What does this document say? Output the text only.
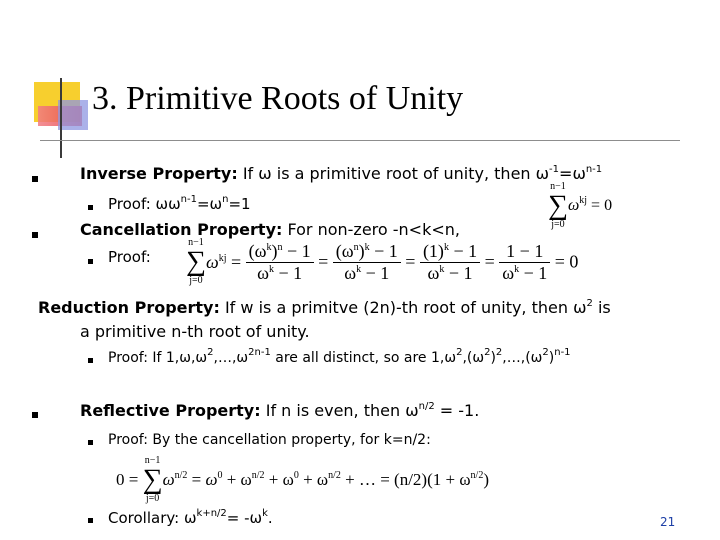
3. Primitive Roots of Unity
Inverse Property: If ω is a primitive root of unity, then $\omega^{-1}=\omega^{n-1}$
Proof: $\omega\omega^{n-1}=\omega^n=1$
n−1
∑
j=0
$\omega^{kj} = 0$
Cancellation Property: For non-zero -n<k<n,
Proof:
n−1
∑
j=0
$\omega^{kj} = \frac{(\omega^k)^n - 1}{\omega^k - 1} = \frac{(\omega^n)^k - 1}{\omega^k - 1} = \frac{(1)^k - 1}{\omega^k - 1} = \frac{1 - 1}{\omega^k - 1} = 0$
Reduction Property: If w is a primitve (2n)-th root of unity, then $\omega^2$ is
a primitive n-th root of unity.
Proof: If $1,\omega,\omega^2,\dots,\omega^{2n-1}$ are all distinct, so are $1,\omega^2,(\omega^2)^2,\dots,(\omega^2)^{n-1}$
Reflective Property: If n is even, then $\omega^{n/2} = -1$.
Proof: By the cancellation property, for k=n/2:
0 =
n−1
∑
j=0
$\omega^{n/2} = \omega^0 + \omega^{n/2} + \omega^0 + \omega^{n/2}$ + … = $(n/2)(1 + \omega^{n/2})$
Corollary: $\omega^{k+n/2}= -\omega^k$.	21
